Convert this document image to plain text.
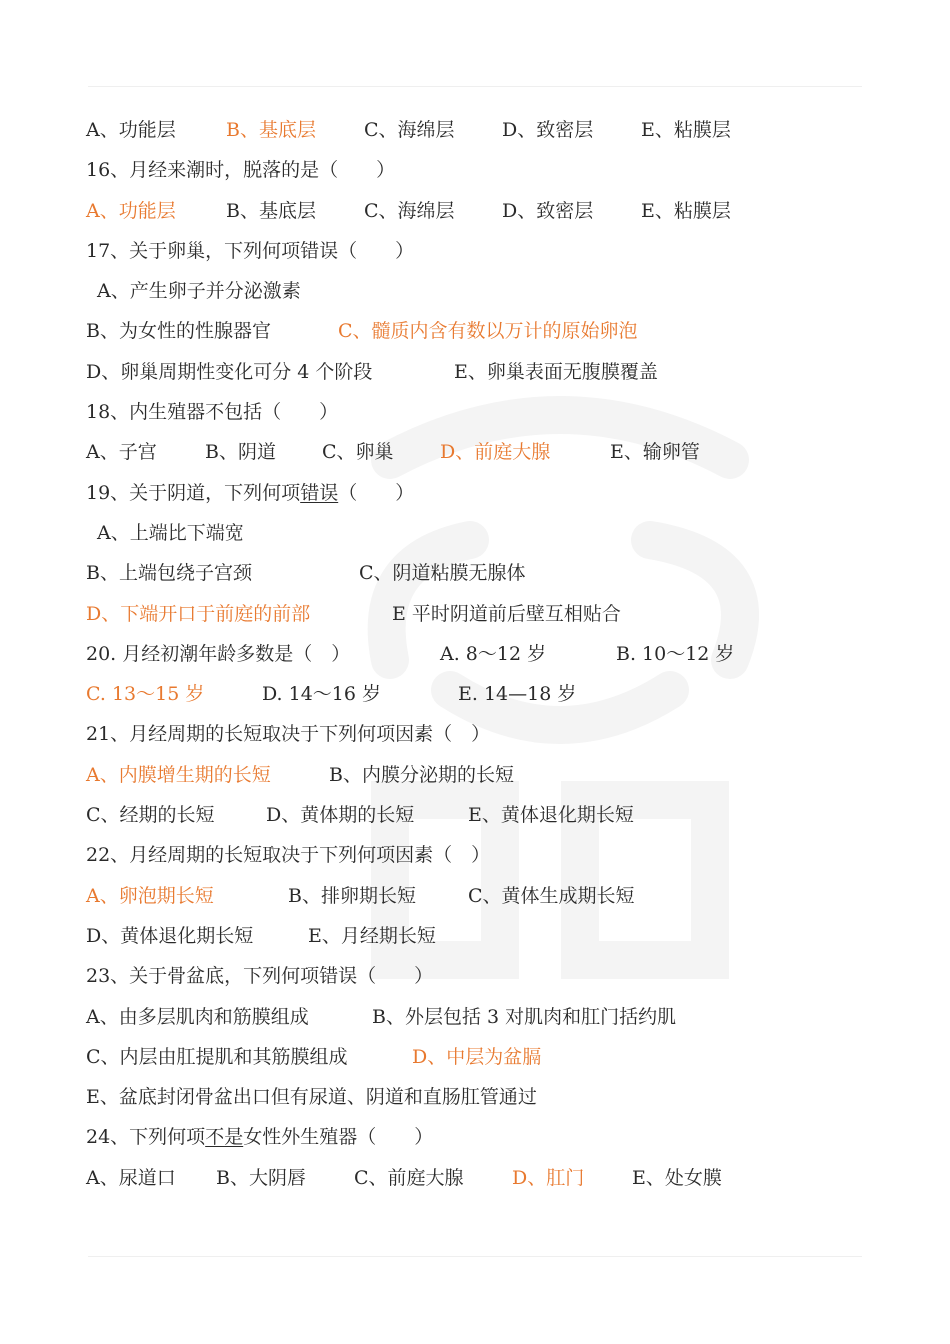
A、功能层	B、基底层	C、海绵层 D、致密层	E、粘膜层
16、月经来潮时，脱落的是（　　）
A、功能层	B、基底层	C、海绵层 D、致密层	E、粘膜层
17、关于卵巢，下列何项错误（　　）
A、产生卵子并分泌激素
B、为女性的性腺器官	C、髓质内含有数以万计的原始卵泡
D、卵巢周期性变化可分 4 个阶段	E、卵巢表面无腹膜覆盖
18、内生殖器不包括（　　）
A、子宫	B、阴道 C、卵巢 D、前庭大腺	E、输卵管
19、关于阴道，下列何项错误（　　）
A、上端比下端宽
B、上端包绕子宫颈	C、阴道粘膜无腺体
D、下端开口于前庭的前部	E 平时阴道前后壁互相贴合
20. 月经初潮年龄多数是（　）	A. 8～12 岁	B. 10～12 岁
C. 13～15 岁	D. 14～16 岁	E. 14—18 岁
21、月经周期的长短取决于下列何项因素（　）
A、内膜增生期的长短	B、内膜分泌期的长短
C、经期的长短	D、黄体期的长短	E、黄体退化期长短
22、月经周期的长短取决于下列何项因素（　）
A、卵泡期长短	B、排卵期长短	C、黄体生成期长短
D、黄体退化期长短	E、月经期长短
23、关于骨盆底，下列何项错误（　　）
A、由多层肌肉和筋膜组成	B、外层包括 3 对肌肉和肛门括约肌
C、内层由肛提肌和其筋膜组成	D、中层为盆膈
E、盆底封闭骨盆出口但有尿道、阴道和直肠肛管通过
24、下列何项不是女性外生殖器（　　）
A、尿道口 B、大阴唇	C、前庭大腺	D、肛门	E、处女膜
